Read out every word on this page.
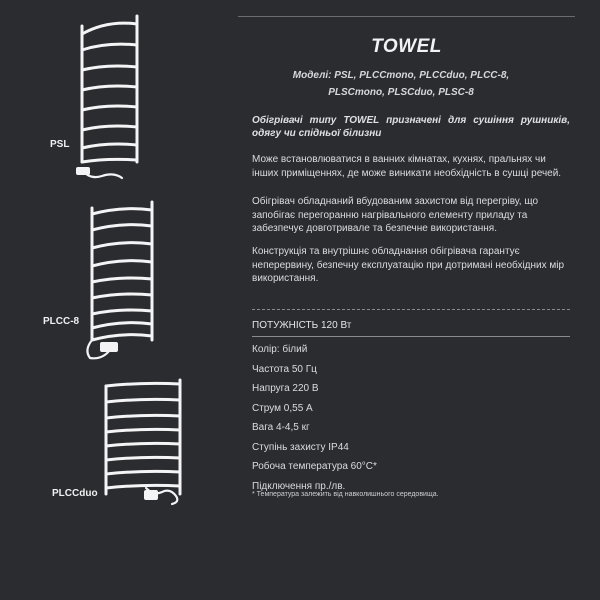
PSL
PLCC-8
PLCCduo
TOWEL
Моделі: PSL, PLCCmono, PLCCduo, PLCC-8,
PLSCmono, PLSCduo, PLSC-8
Обігрівачі типу TOWEL призначені для сушіння рушників, одягу чи спідньої білизни
Може встановлюватися в ванних кімнатах, кухнях, пральнях чи інших приміщеннях, де може виникати необхідність в сушці речей.
Обігрівач обладнаний вбудованим захистом від перегріву, що запобігає перегоранню нагрівального елементу приладу та забезпечує довготривале та безпечне використання.
Конструкція та внутрішнє обладнання обігрівача гарантує неперервину, безпечну експлуатацію при дотримані необхідних мір використання.
ПОТУЖНІСТЬ 120 Вт
Колір: білий
Частота 50 Гц
Напруга 220 В
Струм 0,55 А
Вага 4-4,5 кг
Ступінь захисту IP44
Робоча температура 60°С*
Підключення пр./лв.
* Температура залежить від навколишнього середовища.
